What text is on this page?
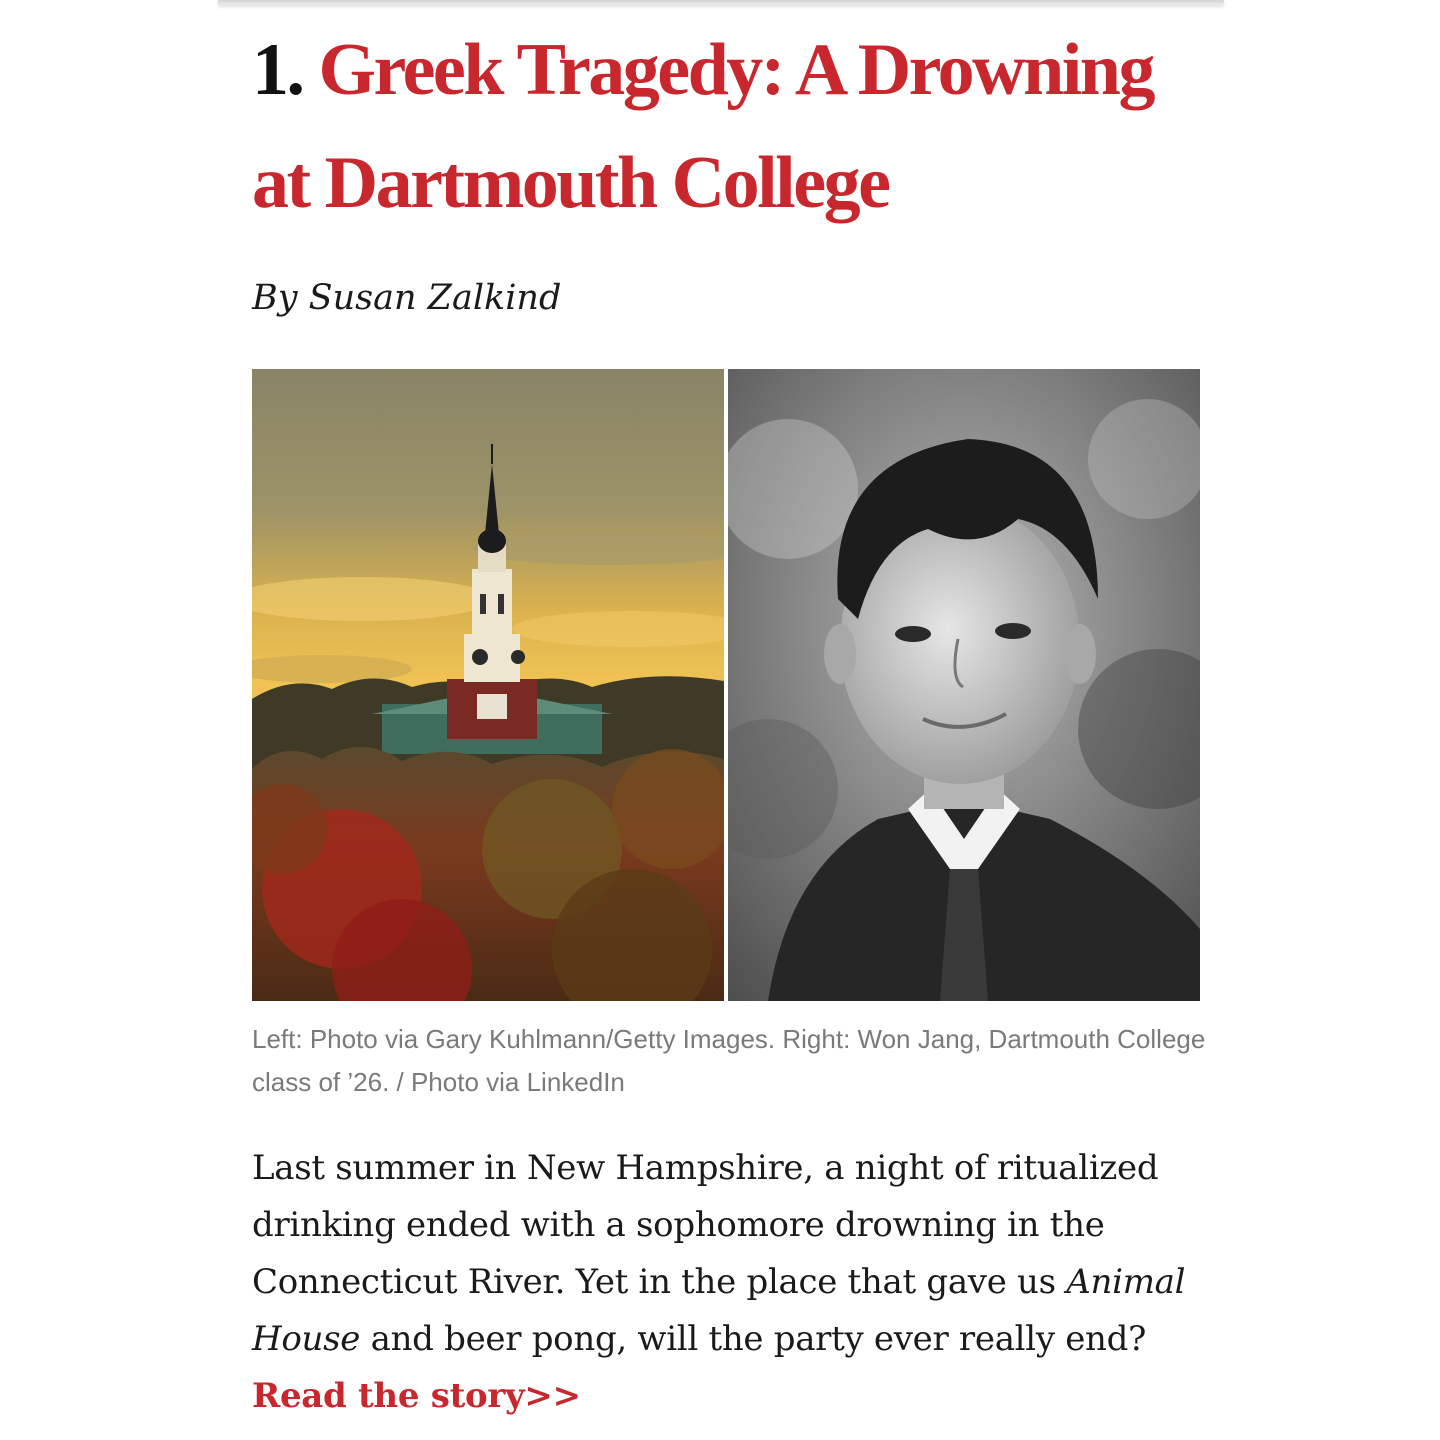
1. Greek Tragedy: A Drowning at Dartmouth College

By Susan Zalkind

Left: Photo via Gary Kuhlmann/Getty Images. Right: Won Jang, Dartmouth College class of ’26. / Photo via LinkedIn

Last summer in New Hampshire, a night of ritualized drinking ended with a sophomore drowning in the Connecticut River. Yet in the place that gave us Animal House and beer pong, will the party ever really end? Read the story>>
